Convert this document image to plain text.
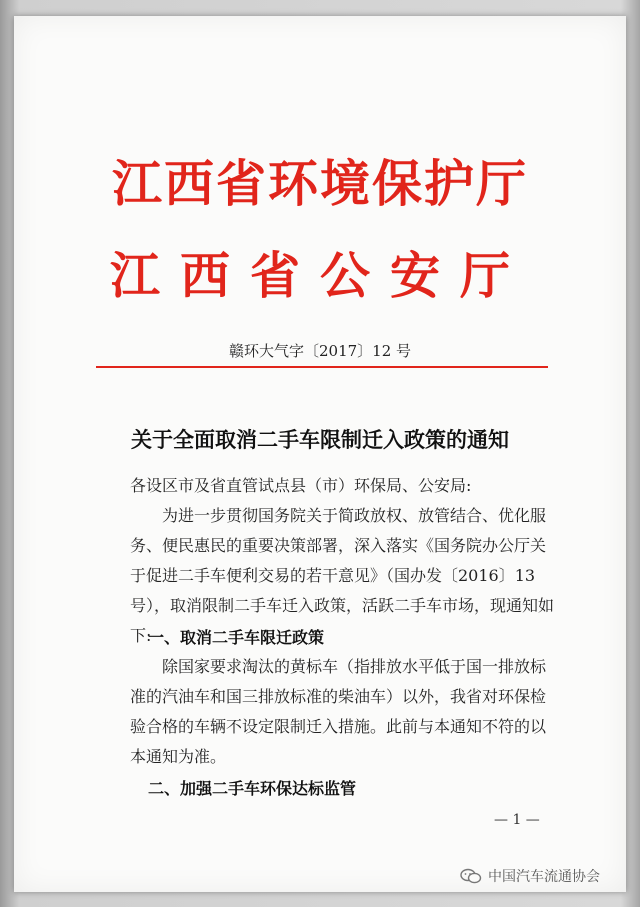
江西省环境保护厅
江西省公安厅
赣环大气字〔2017〕12 号
关于全面取消二手车限制迁入政策的通知
各设区市及省直管试点县（市）环保局、公安局:
为进一步贯彻国务院关于简政放权、放管结合、优化服务、便民惠民的重要决策部署，深入落实《国务院办公厅关于促进二手车便利交易的若干意见》（国办发〔2016〕13 号），取消限制二手车迁入政策，活跃二手车市场，现通知如下:
一、取消二手车限迁政策
除国家要求淘汰的黄标车（指排放水平低于国一排放标准的汽油车和国三排放标准的柴油车）以外，我省对环保检验合格的车辆不设定限制迁入措施。此前与本通知不符的以本通知为准。
二、加强二手车环保达标监管
— 1 —
中国汽车流通协会
